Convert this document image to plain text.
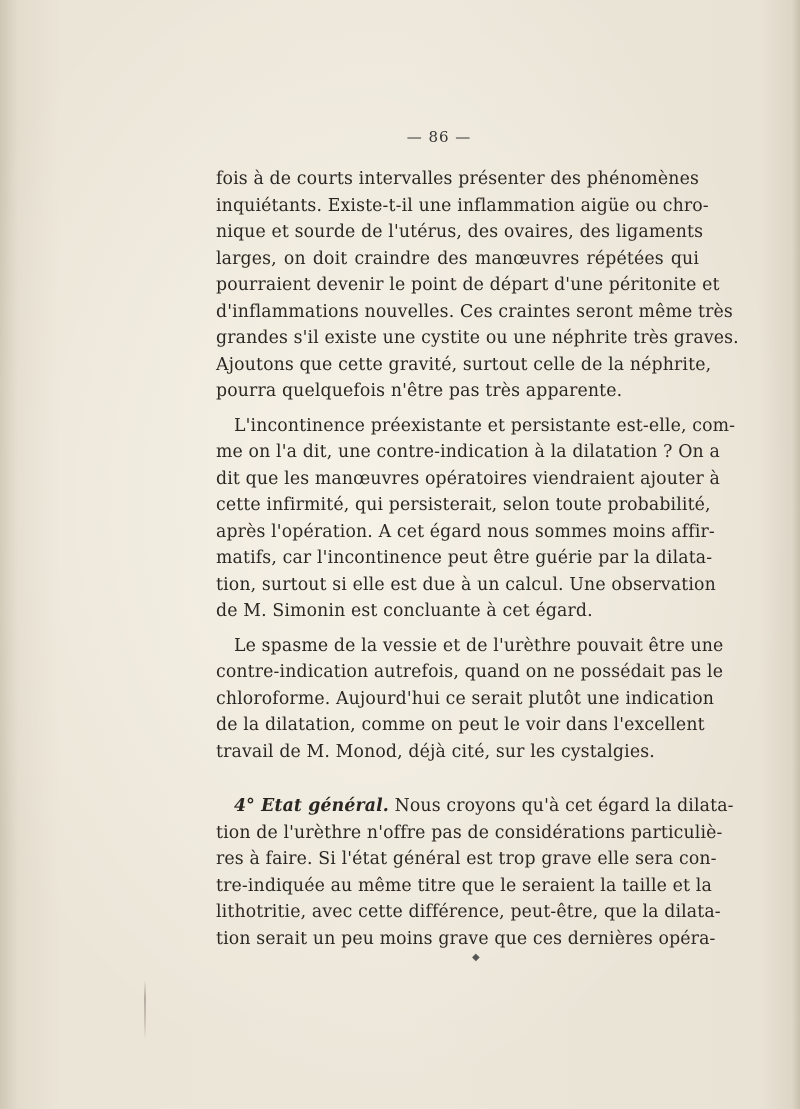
— 86 —
fois à de courts intervalles présenter des phénomènes
inquiétants. Existe-t-il une inflammation aigüe ou chro-
nique et sourde de l'utérus, des ovaires, des ligaments
larges, on doit craindre des manœuvres répétées qui
pourraient devenir le point de départ d'une péritonite et
d'inflammations nouvelles. Ces craintes seront même très
grandes s'il existe une cystite ou une néphrite très graves.
Ajoutons que cette gravité, surtout celle de la néphrite,
pourra quelquefois n'être pas très apparente.
L'incontinence préexistante et persistante est-elle, com-
me on l'a dit, une contre-indication à la dilatation ? On a
dit que les manœuvres opératoires viendraient ajouter à
cette infirmité, qui persisterait, selon toute probabilité,
après l'opération. A cet égard nous sommes moins affir-
matifs, car l'incontinence peut être guérie par la dilata-
tion, surtout si elle est due à un calcul. Une observation
de M. Simonin est concluante à cet égard.
Le spasme de la vessie et de l'urèthre pouvait être une
contre-indication autrefois, quand on ne possédait pas le
chloroforme. Aujourd'hui ce serait plutôt une indication
de la dilatation, comme on peut le voir dans l'excellent
travail de M. Monod, déjà cité, sur les cystalgies.
4° Etat général. Nous croyons qu'à cet égard la dilata-
tion de l'urèthre n'offre pas de considérations particuliè-
res à faire. Si l'état général est trop grave elle sera con-
tre-indiquée au même titre que le seraient la taille et la
lithotritie, avec cette différence, peut-être, que la dilata-
tion serait un peu moins grave que ces dernières opéra-
◆
